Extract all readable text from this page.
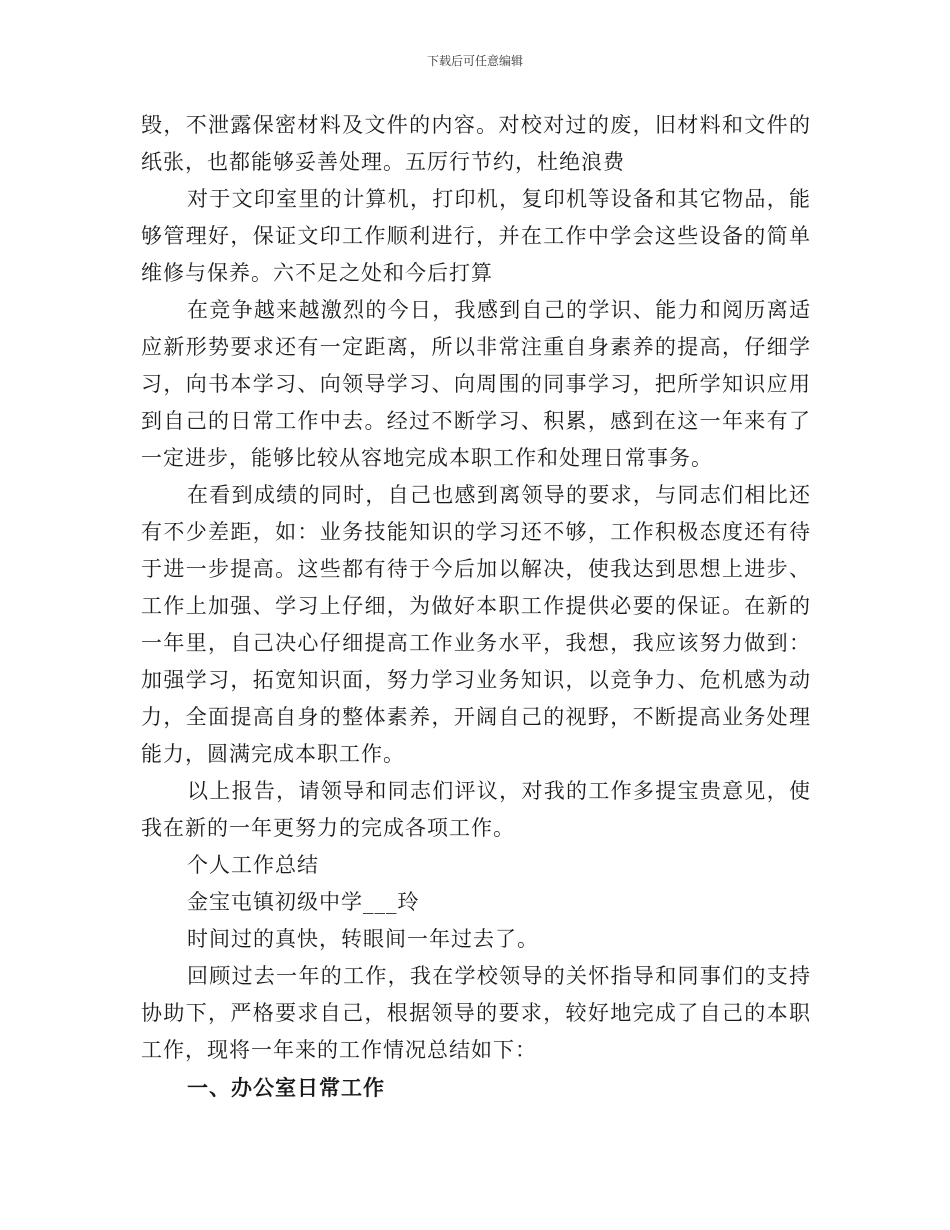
下载后可任意编辑

毁，不泄露保密材料及文件的内容。对校对过的废，旧材料和文件的纸张，也都能够妥善处理。五厉行节约，杜绝浪费

对于文印室里的计算机，打印机，复印机等设备和其它物品，能够管理好，保证文印工作顺利进行，并在工作中学会这些设备的简单维修与保养。六不足之处和今后打算

在竞争越来越激烈的今日，我感到自己的学识、能力和阅历离适应新形势要求还有一定距离，所以非常注重自身素养的提高，仔细学习，向书本学习、向领导学习、向周围的同事学习，把所学知识应用到自己的日常工作中去。经过不断学习、积累，感到在这一年来有了一定进步，能够比较从容地完成本职工作和处理日常事务。

在看到成绩的同时，自己也感到离领导的要求，与同志们相比还有不少差距，如：业务技能知识的学习还不够，工作积极态度还有待于进一步提高。这些都有待于今后加以解决，使我达到思想上进步、工作上加强、学习上仔细，为做好本职工作提供必要的保证。在新的一年里，自己决心仔细提高工作业务水平，我想，我应该努力做到：加强学习，拓宽知识面，努力学习业务知识，以竞争力、危机感为动力，全面提高自身的整体素养，开阔自己的视野，不断提高业务处理能力，圆满完成本职工作。

以上报告，请领导和同志们评议，对我的工作多提宝贵意见，使我在新的一年更努力的完成各项工作。

个人工作总结

金宝屯镇初级中学___玲

时间过的真快，转眼间一年过去了。

回顾过去一年的工作，我在学校领导的关怀指导和同事们的支持协助下，严格要求自己，根据领导的要求，较好地完成了自己的本职工作，现将一年来的工作情况总结如下：

一、办公室日常工作
